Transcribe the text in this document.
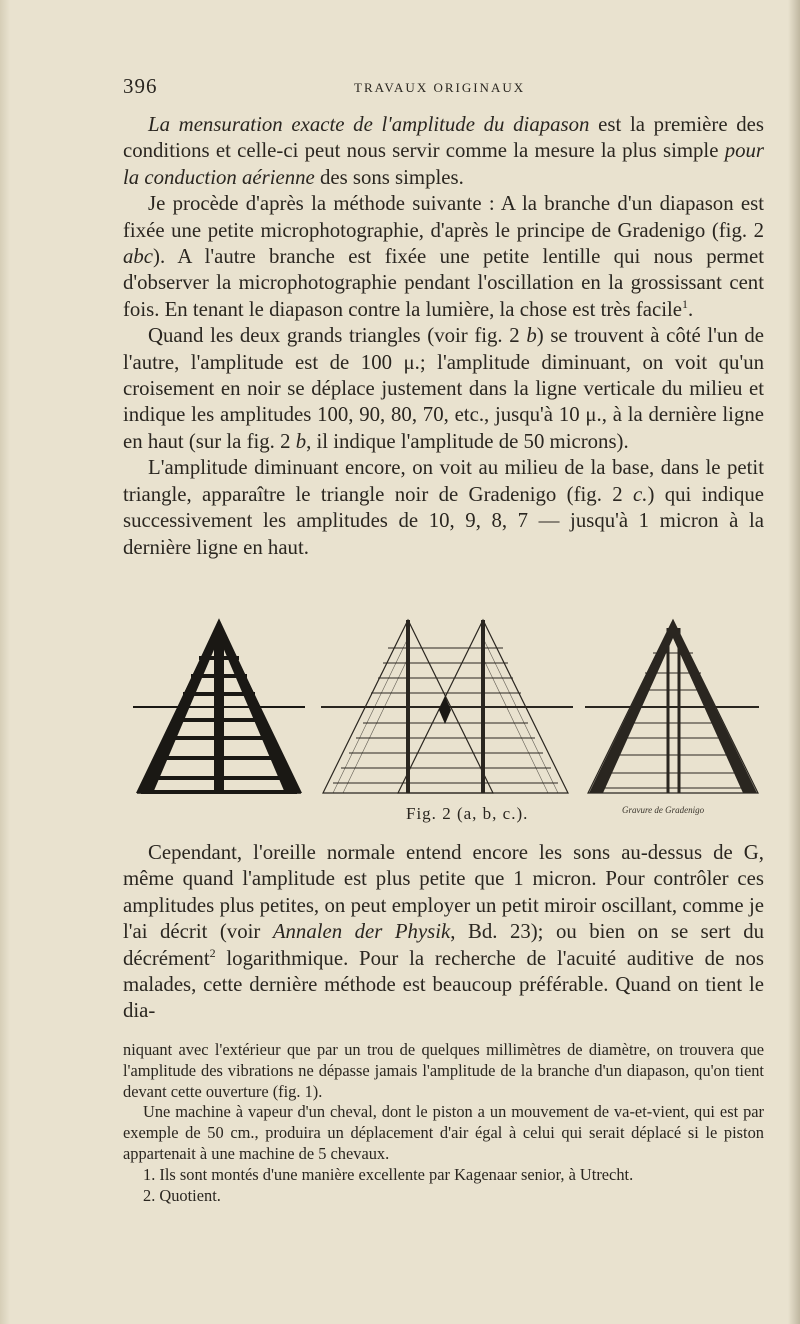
396	TRAVAUX ORIGINAUX

La mensuration exacte de l'amplitude du diapason est la première des conditions et celle-ci peut nous servir comme la mesure la plus simple pour la conduction aérienne des sons simples.

Je procède d'après la méthode suivante : A la branche d'un diapason est fixée une petite microphotographie, d'après le principe de Gradenigo (fig. 2 abc). A l'autre branche est fixée une petite lentille qui nous permet d'observer la microphotographie pendant l'oscillation en la grossissant cent fois. En tenant le diapason contre la lumière, la chose est très facile$^1$.

Quand les deux grands triangles (voir fig. 2 b) se trouvent à côté l'un de l'autre, l'amplitude est de 100 μ.; l'amplitude diminuant, on voit qu'un croisement en noir se déplace justement dans la ligne verticale du milieu et indique les amplitudes 100, 90, 80, 70, etc., jusqu'à 10 μ., à la dernière ligne en haut (sur la fig. 2 b, il indique l'amplitude de 50 microns).

L'amplitude diminuant encore, on voit au milieu de la base, dans le petit triangle, apparaître le triangle noir de Gradenigo (fig. 2 c.) qui indique successivement les amplitudes de 10, 9, 8, 7 — jusqu'à 1 micron à la dernière ligne en haut.

Fig. 2 (a, b, c.).	Gravure de Gradenigo

Cependant, l'oreille normale entend encore les sons au-dessus de G, même quand l'amplitude est plus petite que 1 micron. Pour contrôler ces amplitudes plus petites, on peut employer un petit miroir oscillant, comme je l'ai décrit (voir Annalen der Physik, Bd. 23); ou bien on se sert du décrément$^2$ logarithmique. Pour la recherche de l'acuité auditive de nos malades, cette dernière méthode est beaucoup préférable. Quand on tient le dia-

niquant avec l'extérieur que par un trou de quelques millimètres de diamètre, on trouvera que l'amplitude des vibrations ne dépasse jamais l'amplitude de la branche d'un diapason, qu'on tient devant cette ouverture (fig. 1).

Une machine à vapeur d'un cheval, dont le piston a un mouvement de va-et-vient, qui est par exemple de 50 cm., produira un déplacement d'air égal à celui qui serait déplacé si le piston appartenait à une machine de 5 chevaux.

1. Ils sont montés d'une manière excellente par Kagenaar senior, à Utrecht.

2. Quotient.
